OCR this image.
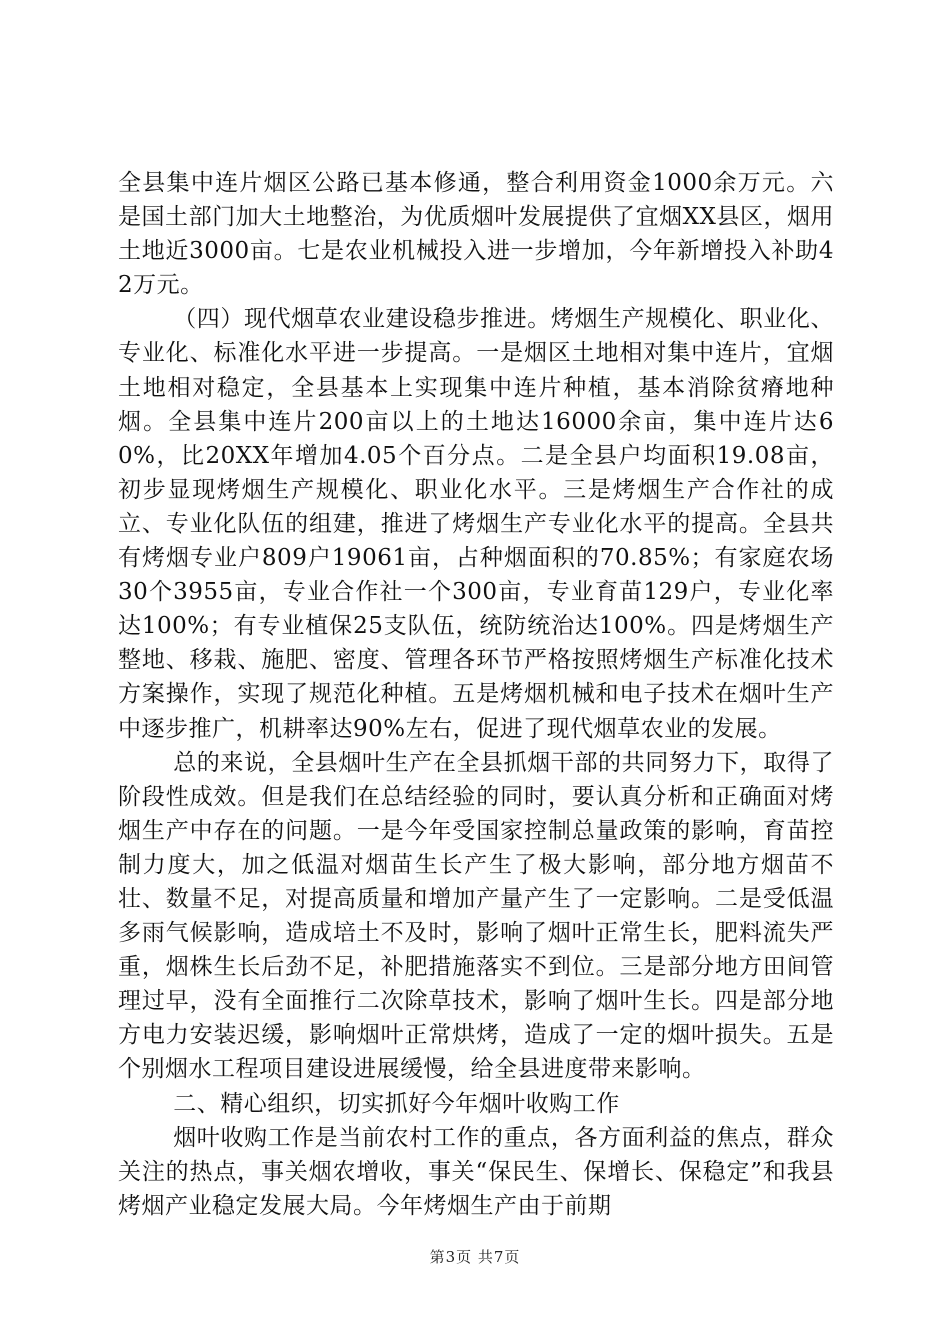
全县集中连片烟区公路已基本修通，整合利用资金1000余万元。六是国土部门加大土地整治，为优质烟叶发展提供了宜烟XX县区，烟用土地近3000亩。七是农业机械投入进一步增加，今年新增投入补助42万元。

（四）现代烟草农业建设稳步推进。烤烟生产规模化、职业化、专业化、标准化水平进一步提高。一是烟区土地相对集中连片，宜烟土地相对稳定，全县基本上实现集中连片种植，基本消除贫瘠地种烟。全县集中连片200亩以上的土地达16000余亩，集中连片达60%，比20XX年增加4.05个百分点。二是全县户均面积19.08亩，初步显现烤烟生产规模化、职业化水平。三是烤烟生产合作社的成立、专业化队伍的组建，推进了烤烟生产专业化水平的提高。全县共有烤烟专业户809户19061亩，占种烟面积的70.85%；有家庭农场30个3955亩，专业合作社一个300亩，专业育苗129户，专业化率达100%；有专业植保25支队伍，统防统治达100%。四是烤烟生产整地、移栽、施肥、密度、管理各环节严格按照烤烟生产标准化技术方案操作，实现了规范化种植。五是烤烟机械和电子技术在烟叶生产中逐步推广，机耕率达90%左右，促进了现代烟草农业的发展。

总的来说，全县烟叶生产在全县抓烟干部的共同努力下，取得了阶段性成效。但是我们在总结经验的同时，要认真分析和正确面对烤烟生产中存在的问题。一是今年受国家控制总量政策的影响，育苗控制力度大，加之低温对烟苗生长产生了极大影响，部分地方烟苗不壮、数量不足，对提高质量和增加产量产生了一定影响。二是受低温多雨气候影响，造成培土不及时，影响了烟叶正常生长，肥料流失严重，烟株生长后劲不足，补肥措施落实不到位。三是部分地方田间管理过早，没有全面推行二次除草技术，影响了烟叶生长。四是部分地方电力安装迟缓，影响烟叶正常烘烤，造成了一定的烟叶损失。五是个别烟水工程项目建设进展缓慢，给全县进度带来影响。

二、精心组织，切实抓好今年烟叶收购工作

烟叶收购工作是当前农村工作的重点，各方面利益的焦点，群众关注的热点，事关烟农增收，事关“保民生、保增长、保稳定”和我县烤烟产业稳定发展大局。今年烤烟生产由于前期

第3页 共7页
